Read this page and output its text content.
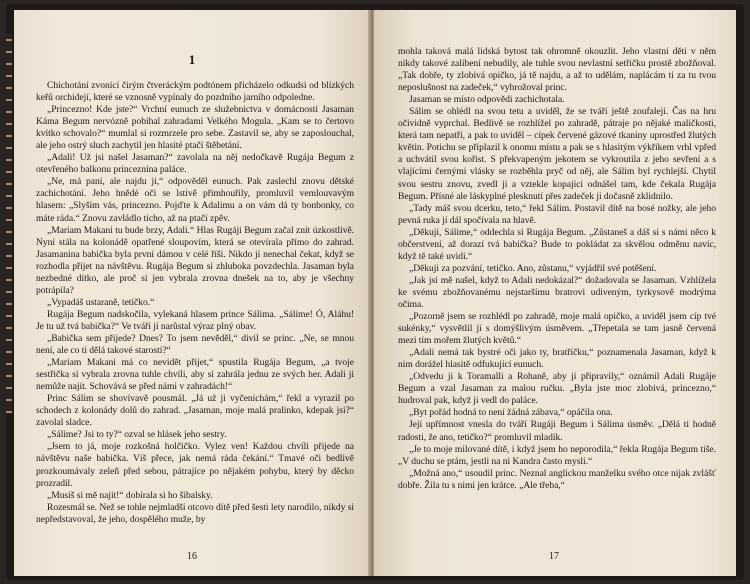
1

Chichotání zvonící čirým čtveráckým podtónem přicházelo odkudsi od blízkých keřů orchidejí, které se vznosně vypínaly do pozdního jarního odpoledne.

„Princezno! Kde jste?“ Vrchní eunuch ze služebnictva v domácnosti Jasaman Káma Begum nervózně pobíhal zahradami Velkého Mogula. „Kam se to čertovo kvítko schovalo?“ mumlal si rozmrzele pro sebe. Zastavil se, aby se zaposlouchal, ale jeho ostrý sluch zachytil jen hlasité ptačí štěbetání.

„Adali! Už jsi našel Jasaman?“ zavolala na něj nedočkavě Rugája Begum z otevřeného balkonu princeznina paláce.

„Ne, má paní, ale najdu ji,“ odpověděl eunuch. Pak zaslechl znovu dětské zachichotání. Jeho hnědé oči se lstivě přimhouřily, promluvil vemlouvavým hlasem: „Slyším vás, princezno. Pojďte k Adalimu a on vám dá ty bonbonky, co máte ráda.“ Znovu zavládlo ticho, až na ptačí zpěv.

„Mariam Makani tu bude brzy, Adali.“ Hlas Rugáji Begum začal znít úzkostlivě. Nyní stála na kolonádě opatřené sloupovím, která se otevírala přímo do zahrad. Jasamanina babička byla první dámou v celé říši. Nikdo ji nenechal čekat, když se rozhodla přijet na návštěvu. Rugája Begum si zhluboka povzdechla. Jasaman byla nezbedné dítko, ale proč si jen vybrala zrovna dnešek na to, aby je všechny potrápila?

„Vypadáš ustaraně, tetičko.“

Rugája Begum nadskočila, vylekaná hlasem prince Sálima. „Sálime! Ó, Aláhu! Je tu už tvá babička?“ Ve tváři jí narůstal výraz plný obav.

„Babička sem přijede? Dnes? To jsem nevěděl,“ divil se princ. „Ne, se mnou není, ale co ti dělá takové starosti?“

„Mariam Makani má co nevidět přijet,“ spustila Rugája Begum, „a tvoje sestřička si vybrala zrovna tuhle chvíli, aby si zahrála jednu ze svých her. Adali ji nemůže najít. Schovává se před námi v zahradách!“

Princ Sálim se shovívavě pousmál. „Já už ji vyčenichám,“ řekl a vyrazil po schodech z kolonády dolů do zahrad. „Jasaman, moje malá pralinko, kdepak jsi?“ zavolal sladce.

„Sálime? Jsi to ty?“ ozval se hlásek jeho sestry.

„Jsem to já, moje rozkošná holčičko. Vylez ven! Každou chvíli přijede na návštěvu naše babička. Víš přece, jak nemá ráda čekání.“ Tmavé oči bedlivě prozkoumávaly zeleň před sebou, pátrajíce po nějakém pohybu, který by děcko prozradil.

„Musíš si mě najít!“ dobírala si ho šibalsky.

Rozesmál se. Než se tohle nejmladší otcovo dítě před šesti lety narodilo, nikdy si nepředstavoval, že jeho, dospělého muže, by

16

mohla taková malá lidská bytost tak ohromně okouzlit. Jeho vlastní děti v něm nikdy takové zalíbení nebudily, ale tuhle svou nevlastní setřičku prostě zbožňoval. „Tak dobře, ty zlobivá opičko, já tě najdu, a až to udělám, naplácám ti za tu tvou neposlušnost na zadeček,“ vyhrožoval princ.

Jasaman se místo odpovědi zachichotala.

Sálim se ohlédl na svou tetu a uviděl, že se tváří ještě zoufaleji. Čas na hru očividně vyprchal. Bedlivě se rozhlížel po zahradě, pátraje po nějaké maličkosti, která tam nepatří, a pak to uviděl – cípek červené gázové tkaniny uprostřed žlutých květin. Potichu se připlazil k onomu místu a pak se s hlasitým výkřikem vrhl vpřed a uchvátil svou kořist. S překvapeným jekotem se vykroutila z jeho sevření a s vlajícími černými vlásky se rozběhla pryč od něj, ale Sálim byl rychlejší. Chytil svou sestru znovu, zvedl ji a vztekle kopající odnášel tam, kde čekala Rugája Begum. Přísné ale láskyplné plesknutí přes zadeček ji dočasně zklidnilo.

„Tady máš svou dcerku, teto,“ řekl Sálim. Postavil dítě na bosé nožky, ale jeho pevná ruka jí dál spočívala na hlavě.

„Děkuji, Sálime,“ oddechla si Rugája Begum. „Zůstaneš a dáš si s námi něco k občerstvení, až dorazí tvá babička? Bude to pokládat za skvělou odměnu navíc, když tě také uvidí.“

„Děkuji za pozvání, tetičko. Ano, zůstanu,“ vyjádřil své potěšení.

„Jak jsi mě našel, když to Adali nedokázal?“ dožadovala se Jasaman. Vzhlížela ke svému zbožňovanému nejstaršímu bratrovi udiveným, tyrkysově modrýma očima.

„Pozorně jsem se rozhlédl po zahradě, moje malá opičko, a uviděl jsem cíp tvé sukénky,“ vysvětlil jí s domýšlivým úsměvem. „Třepetala se tam jasně červená mezi tím mořem žlutých květů.“

„Adali nemá tak bystré oči jako ty, bratříčku,“ poznamenala Jasaman, když k nim dorážel hlasitě odfukující eunuch.

„Odvedu ji k Toramalli a Rohaně, aby ji připravily,“ oznámil Adali Rugáje Begum a vzal Jasaman za malou ručku. „Byla jste moc zlobivá, princezno,“ hudroval pak, když ji vedl do paláce.

„Byt pořád hodná to není žádná zábava,“ opáčila ona.

Její upřímnost vnesla do tváří Rugáji Begum i Sálima úsměv. „Dělá ti hodně radosti, že ano, tetičko?“ promluvil mladík.

„Je to moje milované dítě, i když jsem ho neporodila,“ řekla Rugája Begum tiše. „V duchu se ptám, jestli na ni Kandra často myslí.“

„Možná ano,“ usoudil princ. Neznal anglickou manželku svého otce nijak zvlášť dobře. Žila tu s nimi jen krátce. „Ale třeba,“

17
